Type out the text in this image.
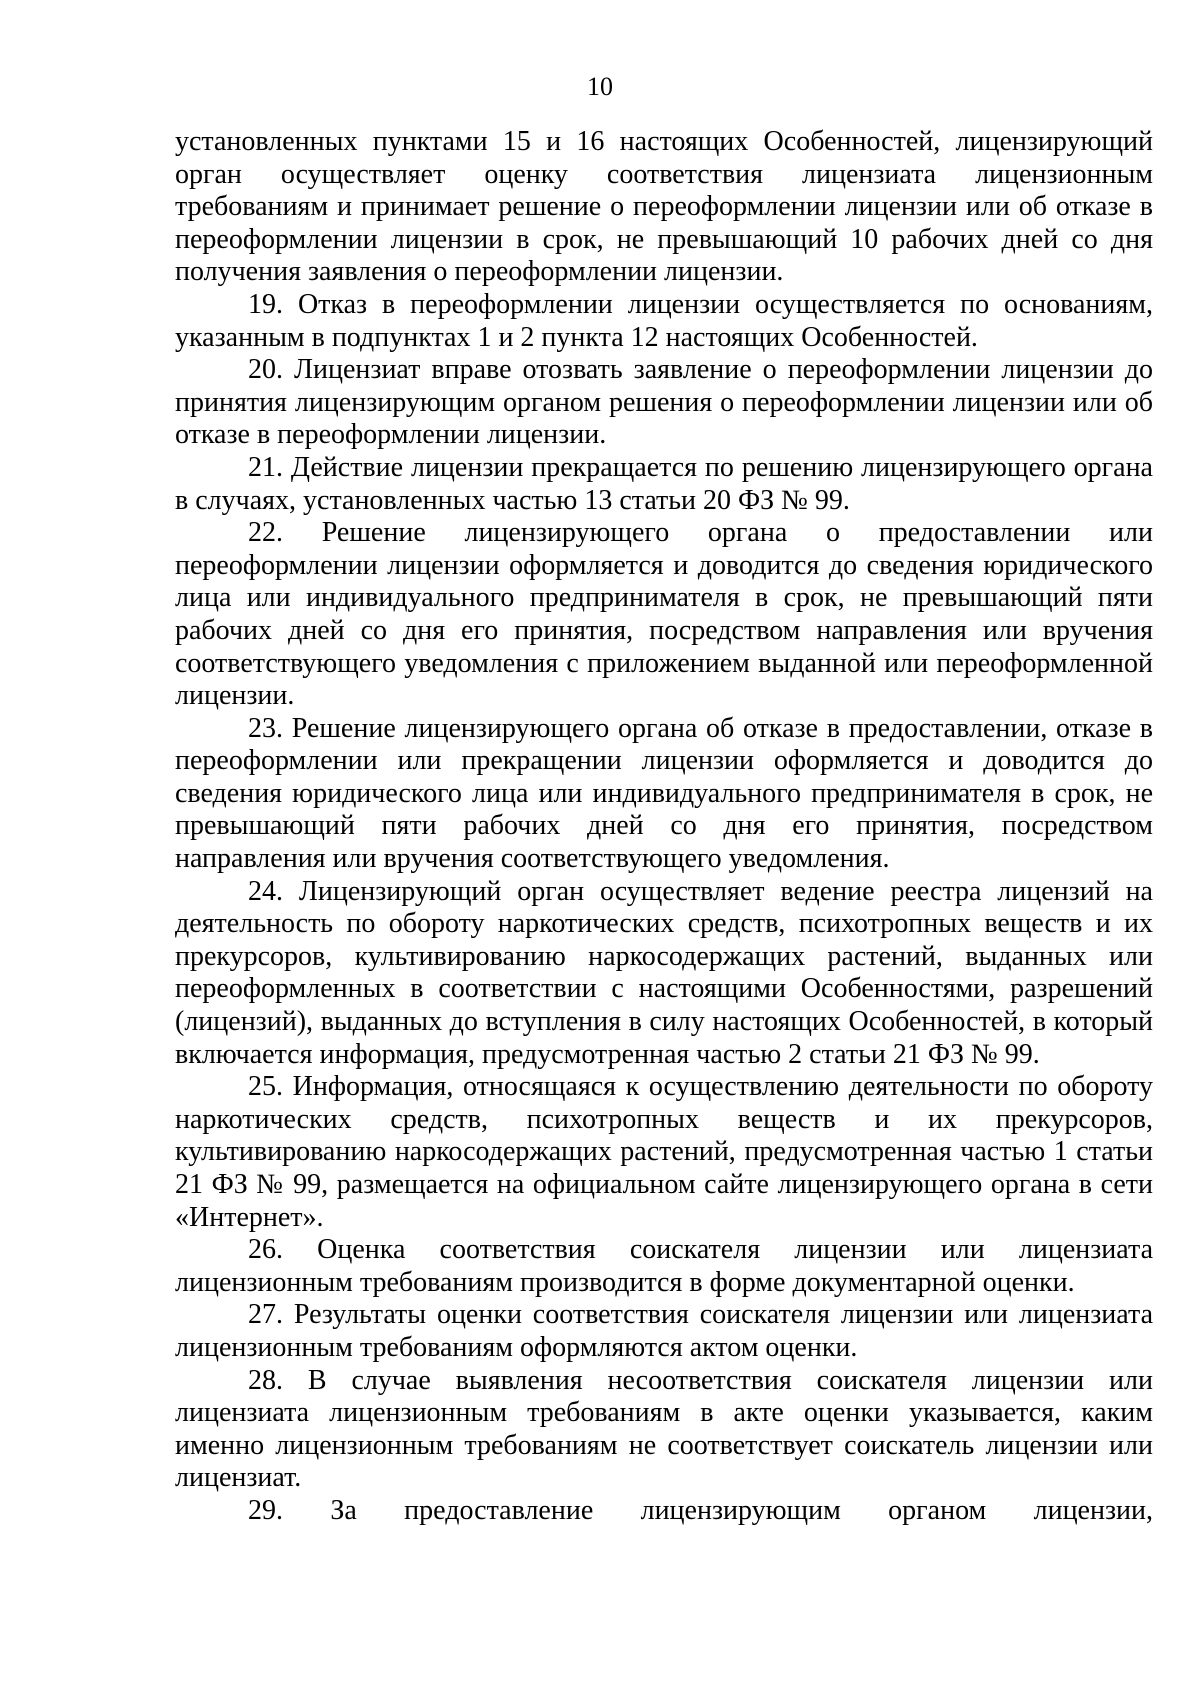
10

установленных пунктами 15 и 16 настоящих Особенностей, лицензирующий орган осуществляет оценку соответствия лицензиата лицензионным требованиям и принимает решение о переоформлении лицензии или об отказе в переоформлении лицензии в срок, не превышающий 10 рабочих дней со дня получения заявления о переоформлении лицензии.

19. Отказ в переоформлении лицензии осуществляется по основаниям, указанным в подпунктах 1 и 2 пункта 12 настоящих Особенностей.

20. Лицензиат вправе отозвать заявление о переоформлении лицензии до принятия лицензирующим органом решения о переоформлении лицензии или об отказе в переоформлении лицензии.

21. Действие лицензии прекращается по решению лицензирующего органа в случаях, установленных частью 13 статьи 20 ФЗ № 99.

22. Решение лицензирующего органа о предоставлении или переоформлении лицензии оформляется и доводится до сведения юридического лица или индивидуального предпринимателя в срок, не превышающий пяти рабочих дней со дня его принятия, посредством направления или вручения соответствующего уведомления с приложением выданной или переоформленной лицензии.

23. Решение лицензирующего органа об отказе в предоставлении, отказе в переоформлении или прекращении лицензии оформляется и доводится до сведения юридического лица или индивидуального предпринимателя в срок, не превышающий пяти рабочих дней со дня его принятия, посредством направления или вручения соответствующего уведомления.

24. Лицензирующий орган осуществляет ведение реестра лицензий на деятельность по обороту наркотических средств, психотропных веществ и их прекурсоров, культивированию наркосодержащих растений, выданных или переоформленных в соответствии с настоящими Особенностями, разрешений (лицензий), выданных до вступления в силу настоящих Особенностей, в который включается информация, предусмотренная частью 2 статьи 21 ФЗ № 99.

25. Информация, относящаяся к осуществлению деятельности по обороту наркотических средств, психотропных веществ и их прекурсоров, культивированию наркосодержащих растений, предусмотренная частью 1 статьи 21 ФЗ № 99, размещается на официальном сайте лицензирующего органа в сети «Интернет».

26. Оценка соответствия соискателя лицензии или лицензиата лицензионным требованиям производится в форме документарной оценки.

27. Результаты оценки соответствия соискателя лицензии или лицензиата лицензионным требованиям оформляются актом оценки.

28. В случае выявления несоответствия соискателя лицензии или лицензиата лицензионным требованиям в акте оценки указывается, каким именно лицензионным требованиям не соответствует соискатель лицензии или лицензиат.

29. За предоставление лицензирующим органом лицензии,
